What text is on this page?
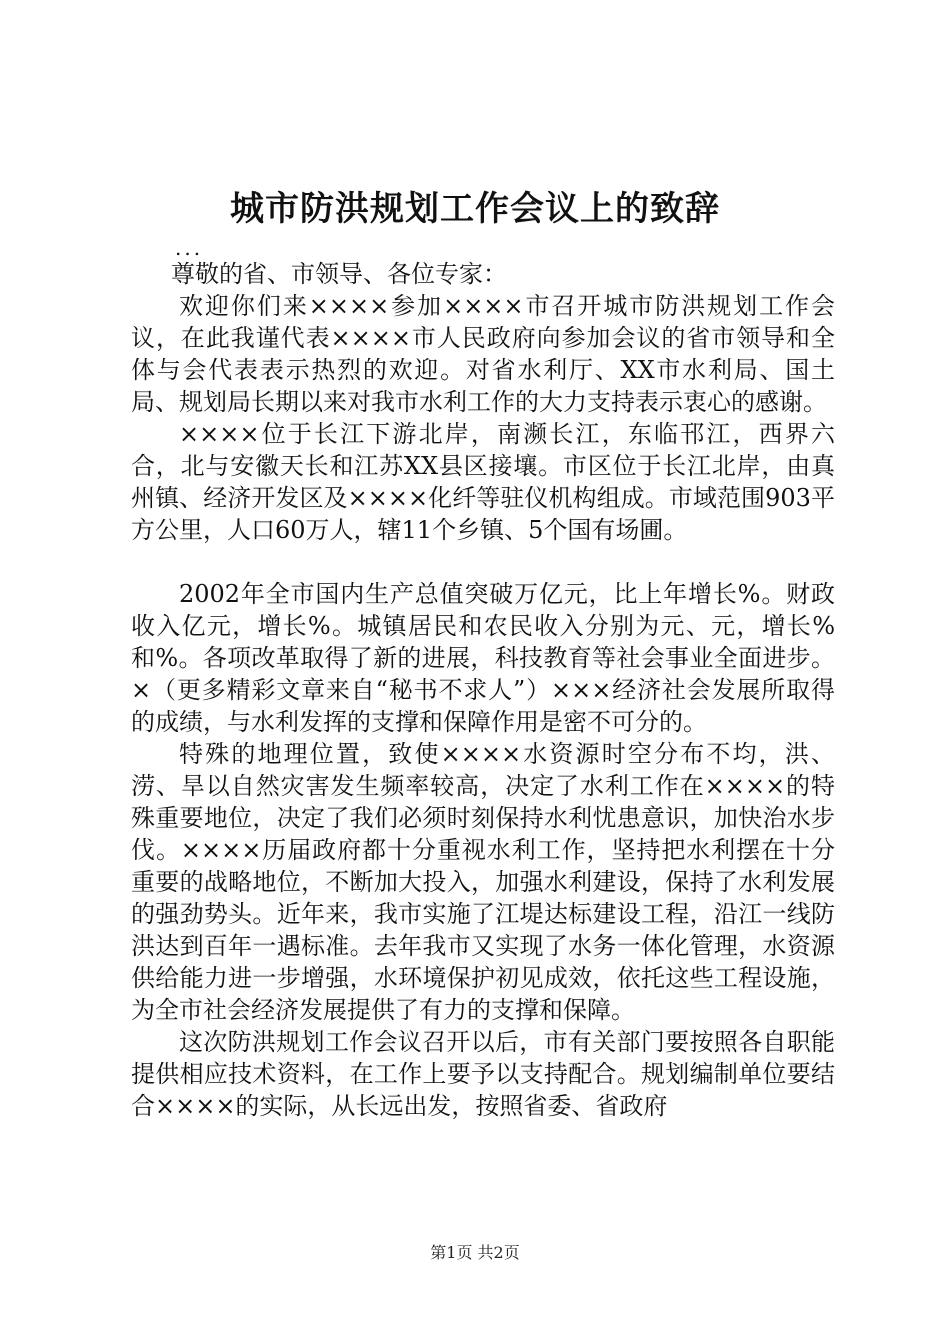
城市防洪规划工作会议上的致辞
...

尊敬的省、市领导、各位专家：

欢迎你们来××××参加××××市召开城市防洪规划工作会议，在此我谨代表××××市人民政府向参加会议的省市领导和全体与会代表表示热烈的欢迎。对省水利厅、XX市水利局、国土局、规划局长期以来对我市水利工作的大力支持表示衷心的感谢。

××××位于长江下游北岸，南濒长江，东临邗江，西界六合，北与安徽天长和江苏XX县区接壤。市区位于长江北岸，由真州镇、经济开发区及××××化纤等驻仪机构组成。市域范围903平方公里，人口60万人，辖11个乡镇、5个国有场圃。

2002年全市国内生产总值突破万亿元，比上年增长%。财政收入亿元，增长%。城镇居民和农民收入分别为元、元，增长%和%。各项改革取得了新的进展，科技教育等社会事业全面进步。×（更多精彩文章来自“秘书不求人”）×××经济社会发展所取得的成绩，与水利发挥的支撑和保障作用是密不可分的。

特殊的地理位置，致使××××水资源时空分布不均，洪、涝、旱以自然灾害发生频率较高，决定了水利工作在××××的特殊重要地位，决定了我们必须时刻保持水利忧患意识，加快治水步伐。××××历届政府都十分重视水利工作，坚持把水利摆在十分重要的战略地位，不断加大投入，加强水利建设，保持了水利发展的强劲势头。近年来，我市实施了江堤达标建设工程，沿江一线防洪达到百年一遇标准。去年我市又实现了水务一体化管理，水资源供给能力进一步增强，水环境保护初见成效，依托这些工程设施，为全市社会经济发展提供了有力的支撑和保障。

这次防洪规划工作会议召开以后，市有关部门要按照各自职能提供相应技术资料，在工作上要予以支持配合。规划编制单位要结合××××的实际，从长远出发，按照省委、省政府

第1页 共2页
